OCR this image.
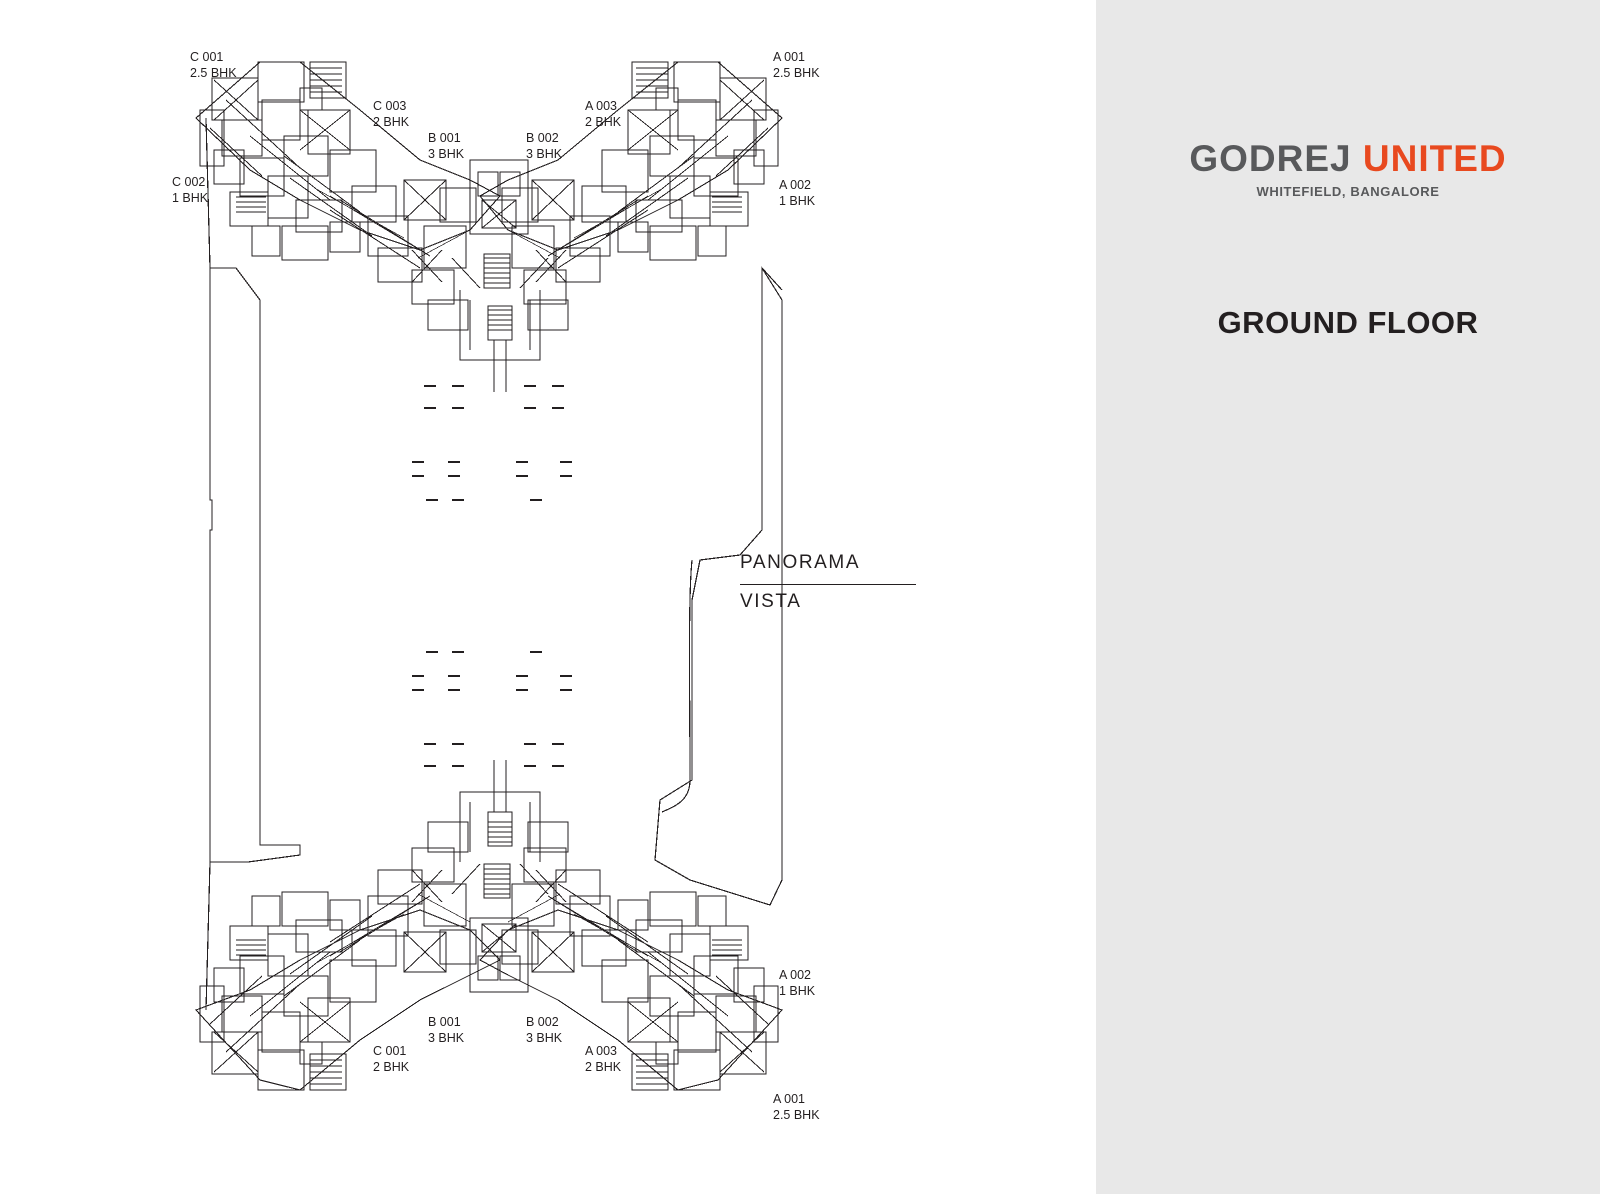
C 001
2.5 BHK
A 001
2.5 BHK
C 003
2 BHK
A 003
2 BHK
B 001
3 BHK
B 002
3 BHK
C 002
1 BHK
A 002
1 BHK
A 002
1 BHK
B 001
3 BHK
B 002
3 BHK
C 001
2 BHK
A 003
2 BHK
A 001
2.5 BHK
PANORAMA
VISTA
GODREJ UNITED
WHITEFIELD, BANGALORE
GROUND FLOOR
